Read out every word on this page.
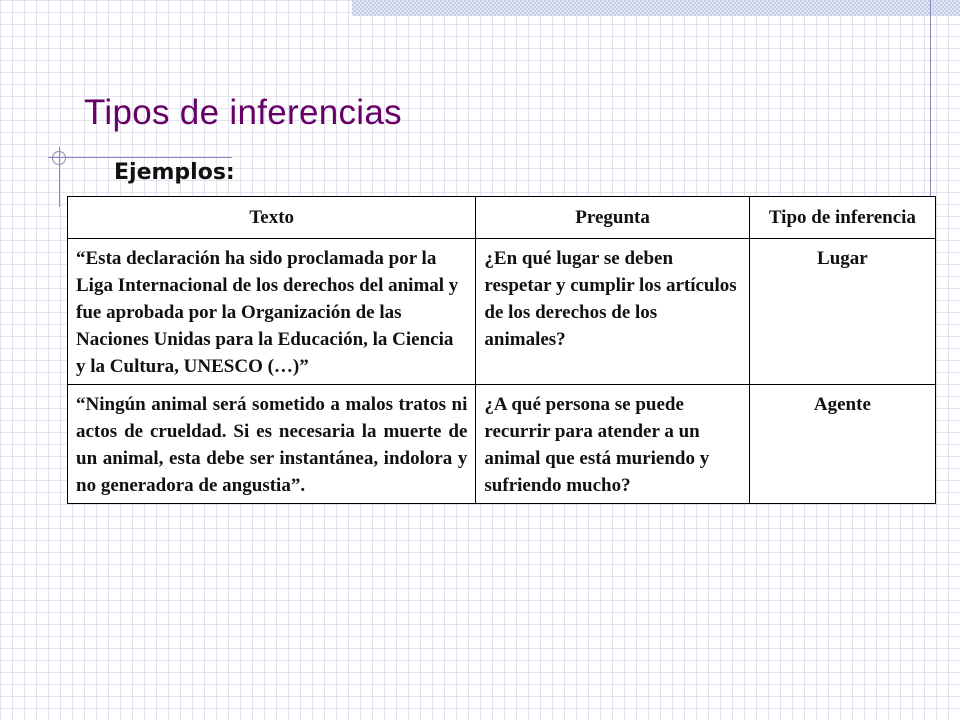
Tipos de inferencias
Ejemplos:
Texto	Pregunta	Tipo de inferencia
“Esta declaración ha sido proclamada por la Liga Internacional de los derechos del animal y fue aprobada por la Organización de las Naciones Unidas para la Educación, la Ciencia y la Cultura, UNESCO (…)”	¿En qué lugar se deben respetar y cumplir los artículos de los derechos de los animales?	Lugar
“Ningún animal será sometido a malos tratos ni actos de crueldad. Si es necesaria la muerte de un animal, esta debe ser instantánea, indolora y no generadora de angustia”.	¿A qué persona se puede recurrir para atender a un animal que está muriendo y sufriendo mucho?	Agente
